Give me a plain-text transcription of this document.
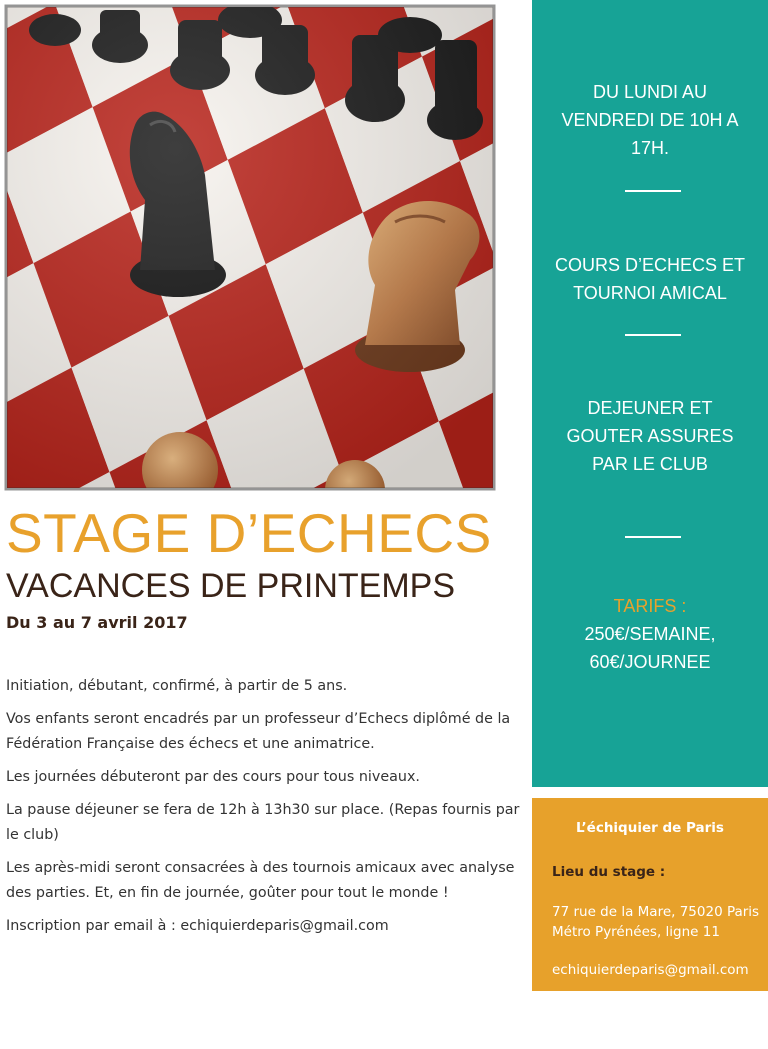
STAGE D’ECHECS
VACANCES DE PRINTEMPS
Du 3 au 7 avril 2017

Initiation, débutant, confirmé, à partir de 5 ans.

Vos enfants seront encadrés par un professeur d’Echecs diplômé de la Fédération Française des échecs et une animatrice.

Les journées débuteront par des cours pour tous niveaux.

La pause déjeuner se fera de 12h à 13h30 sur place. (Repas fournis par le club)

Les après-midi seront consacrées à des tournois amicaux avec analyse des parties. Et, en fin de journée, goûter pour tout le monde !

Inscription par email à : echiquierdeparis@gmail.com

DU LUNDI AU
VENDREDI DE 10H A
17H.
COURS D’ECHECS ET
TOURNOI AMICAL
DEJEUNER ET
GOUTER ASSURES
PAR LE CLUB
TARIFS :
250€/SEMAINE,
60€/JOURNEE
L’échiquier de Paris
Lieu du stage :
77 rue de la Mare, 75020 Paris
Métro Pyrénées, ligne 11
echiquierdeparis@gmail.com
